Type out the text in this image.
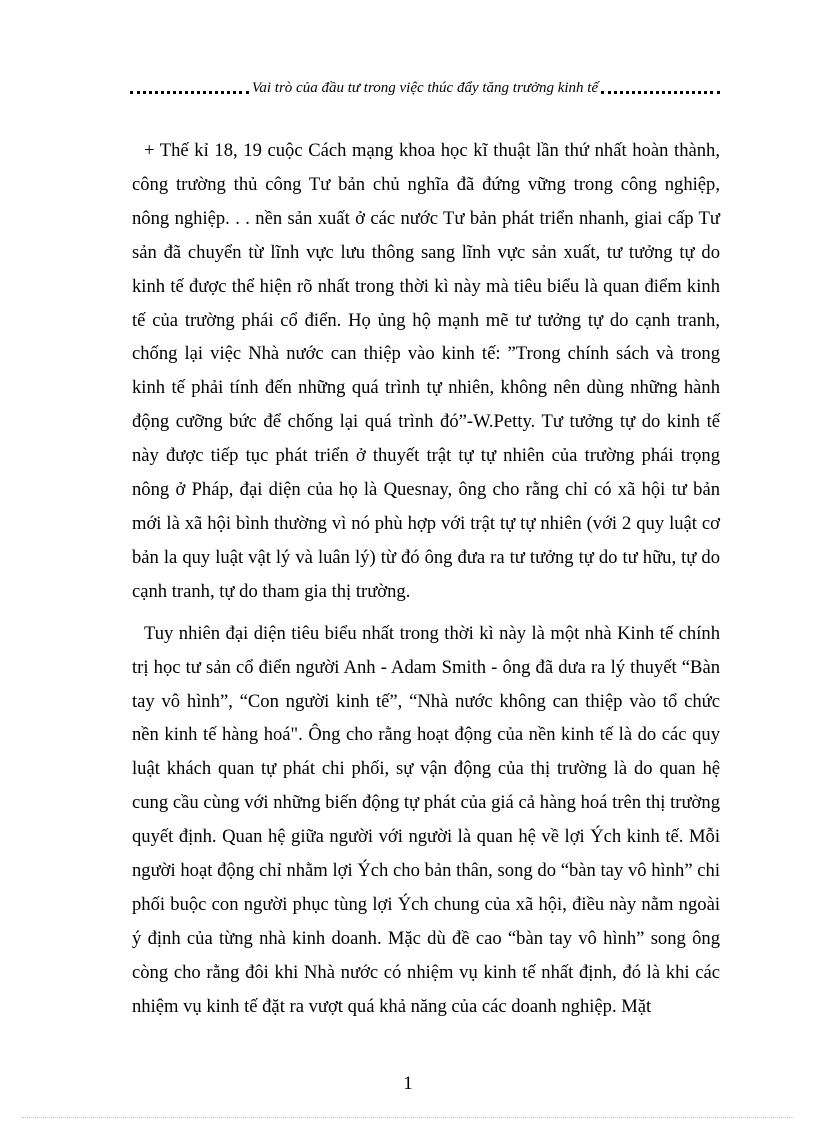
Vai trò của đầu tư trong việc thúc đẩy tăng trưởng kinh tế

+ Thế kỉ 18, 19 cuộc Cách mạng khoa học kĩ thuật lần thứ nhất hoàn thành, công trường thủ công Tư bản chủ nghĩa đã đứng vững trong công nghiệp, nông nghiệp. . . nền sản xuất ở các nước Tư bản phát triển nhanh, giai cấp Tư sản đã chuyển từ lĩnh vực lưu thông sang lĩnh vực sản xuất, tư tưởng tự do kinh tế được thể hiện rõ nhất trong thời kì này mà tiêu biểu là quan điểm kinh tế của trường phái cổ điển. Họ ủng hộ mạnh mẽ tư tưởng tự do cạnh tranh, chống lại việc Nhà nước can thiệp vào kinh tế: ”Trong chính sách và trong kinh tế phải tính đến những quá trình tự nhiên, không nên dùng những hành động cưỡng bức để chống lại quá trình đó”-W.Petty. Tư tưởng tự do kinh tế này được tiếp tục phát triển ở thuyết trật tự tự nhiên của trường phái trọng nông ở Pháp, đại diện của họ là Quesnay, ông cho rằng chỉ có xã hội tư bản mới là xã hội bình thường vì nó phù hợp với trật tự tự nhiên (với 2 quy luật cơ bản la quy luật vật lý và luân lý) từ đó ông đưa ra tư tưởng tự do tư hữu, tự do cạnh tranh, tự do tham gia thị trường.

Tuy nhiên đại diện tiêu biểu nhất trong thời kì này là một nhà Kinh tế chính trị học tư sản cổ điển người Anh - Adam Smith - ông đã dưa ra lý thuyết “Bàn tay vô hình”, “Con người kinh tế”, “Nhà nước không can thiệp vào tổ chức nền kinh tế hàng hoá". Ông cho rằng hoạt động của nền kinh tế là do các quy luật khách quan tự phát chi phối, sự vận động của thị trường là do quan hệ cung cầu cùng với những biến động tự phát của giá cả hàng hoá trên thị trường quyết định. Quan hệ giữa người với người là quan hệ về lợi Ých kinh tế. Mỗi người hoạt động chỉ nhằm lợi Ých cho bản thân, song do “bàn tay vô hình” chi phối buộc con người phục tùng lợi Ých chung của xã hội, điều này nằm ngoài ý định của từng nhà kinh doanh. Mặc dù đề cao “bàn tay vô hình” song ông còng cho rằng đôi khi Nhà nước có nhiệm vụ kinh tế nhất định, đó là khi các nhiệm vụ kinh tế đặt ra vượt quá khả năng của các doanh nghiệp. Mặt

1
